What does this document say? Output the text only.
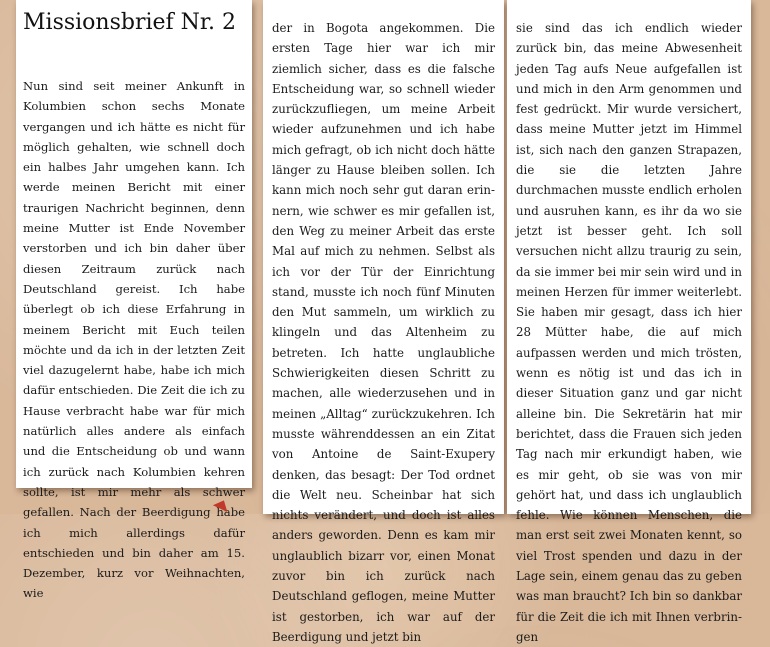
Missionsbrief Nr. 2

Nun sind seit meiner Ankunft in Kolumbien schon sechs Monate vergangen und ich hätte es nicht für möglich gehalten, wie schnell doch ein halbes Jahr umgehen kann. Ich werde meinen Bericht mit einer traurigen Nachricht beginnen, denn meine Mutter ist Ende November verstorben und ich bin daher über diesen Zeitraum zurück nach Deutschland gereist. Ich habe überlegt ob ich diese Erfahrung in meinem Bericht mit Euch teilen möchte und da ich in der letzten Zeit viel dazugelernt habe, habe ich mich dafür entschieden. Die Zeit die ich zu Hause verbracht habe war für mich natürlich alles andere als einfach und die Entscheidung ob und wann ich zurück nach Kolumbien kehren sollte, ist mir mehr als schwer gefallen. Nach der Beerdigung habe ich mich allerdings dafür entschieden und bin daher am 15. Dezember, kurz vor Weihnachten, wie

der in Bogota angekommen. Die ersten Tage hier war ich mir ziemlich sicher, dass es die falsche Entscheidung war, so schnell wieder zurückzufliegen, um meine Arbeit wieder aufzunehmen und ich habe mich gefragt, ob ich nicht doch hätte länger zu Hause bleiben sollen. Ich kann mich noch sehr gut daran erinnern, wie schwer es mir gefallen ist, den Weg zu meiner Arbeit das erste Mal auf mich zu nehmen. Selbst als ich vor der Tür der Einrichtung stand, musste ich noch fünf Minuten den Mut sammeln, um wirklich zu klingeln und das Altenheim zu betreten. Ich hatte unglaubliche Schwierigkeiten diesen Schritt zu machen, alle wiederzusehen und in meinen „Alltag“ zurückzukehren. Ich musste währenddessen an ein Zitat von Antoine de Saint-Exupery denken, das besagt: Der Tod ordnet die Welt neu. Scheinbar hat sich nichts verändert, und doch ist alles anders geworden. Denn es kam mir unglaublich bizarr vor, einen Monat zuvor bin ich zurück nach Deutschland geflogen, meine Mutter ist gestorben, ich war auf der Beerdigung und jetzt bin

sie sind das ich endlich wieder zurück bin, das meine Abwesenheit jeden Tag aufs Neue aufgefallen ist und mich in den Arm genommen und fest gedrückt. Mir wurde versichert, dass meine Mutter jetzt im Himmel ist, sich nach den ganzen Strapazen, die sie die letzten Jahre durchmachen musste endlich erholen und ausruhen kann, es ihr da wo sie jetzt ist besser geht. Ich soll versuchen nicht allzu traurig zu sein, da sie immer bei mir sein wird und in meinen Herzen für immer weiterlebt. Sie haben mir gesagt, dass ich hier 28 Mütter habe, die auf mich aufpassen werden und mich trösten, wenn es nötig ist und das ich in dieser Situation ganz und gar nicht alleine bin. Die Sekretärin hat mir berichtet, dass die Frauen sich jeden Tag nach mir erkundigt haben, wie es mir geht, ob sie was von mir gehört hat, und dass ich unglaublich fehle. Wie können Menschen, die man erst seit zwei Monaten kennt, so viel Trost spenden und dazu in der Lage sein, einem genau das zu geben was man braucht? Ich bin so dankbar für die Zeit die ich mit Ihnen verbringen
